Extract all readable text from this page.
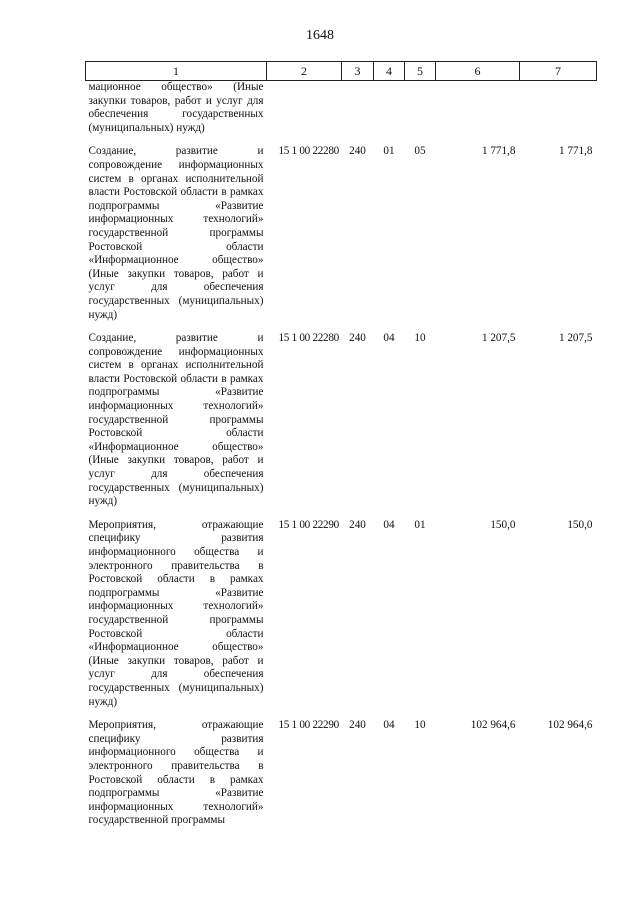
1648
1	2	3	4	5	6	7
мационное общество» (Иные закупки товаров, работ и услуг для обеспечения государственных (муниципальных) нужд)						
Создание, развитие и сопровождение информационных систем в органах исполнительной власти Ростовской области в рамках подпрограммы «Развитие информационных технологий» государственной программы Ростовской области «Информационное общество» (Иные закупки товаров, работ и услуг для обеспечения государственных (муниципальных) нужд)	15 1 00 22280	240	01	05	1 771,8	1 771,8
Создание, развитие и сопровождение информационных систем в органах исполнительной власти Ростовской области в рамках подпрограммы «Развитие информационных технологий» государственной программы Ростовской области «Информационное общество» (Иные закупки товаров, работ и услуг для обеспечения государственных (муниципальных) нужд)	15 1 00 22280	240	04	10	1 207,5	1 207,5
Мероприятия, отражающие специфику развития информационного общества и электронного правительства в Ростовской области в рамках подпрограммы «Развитие информационных технологий» государственной программы Ростовской области «Информационное общество» (Иные закупки товаров, работ и услуг для обеспечения государственных (муниципальных) нужд)	15 1 00 22290	240	04	01	150,0	150,0
Мероприятия, отражающие специфику развития информационного общества и электронного правительства в Ростовской области в рамках подпрограммы «Развитие информационных технологий» государственной программы	15 1 00 22290	240	04	10	102 964,6	102 964,6
